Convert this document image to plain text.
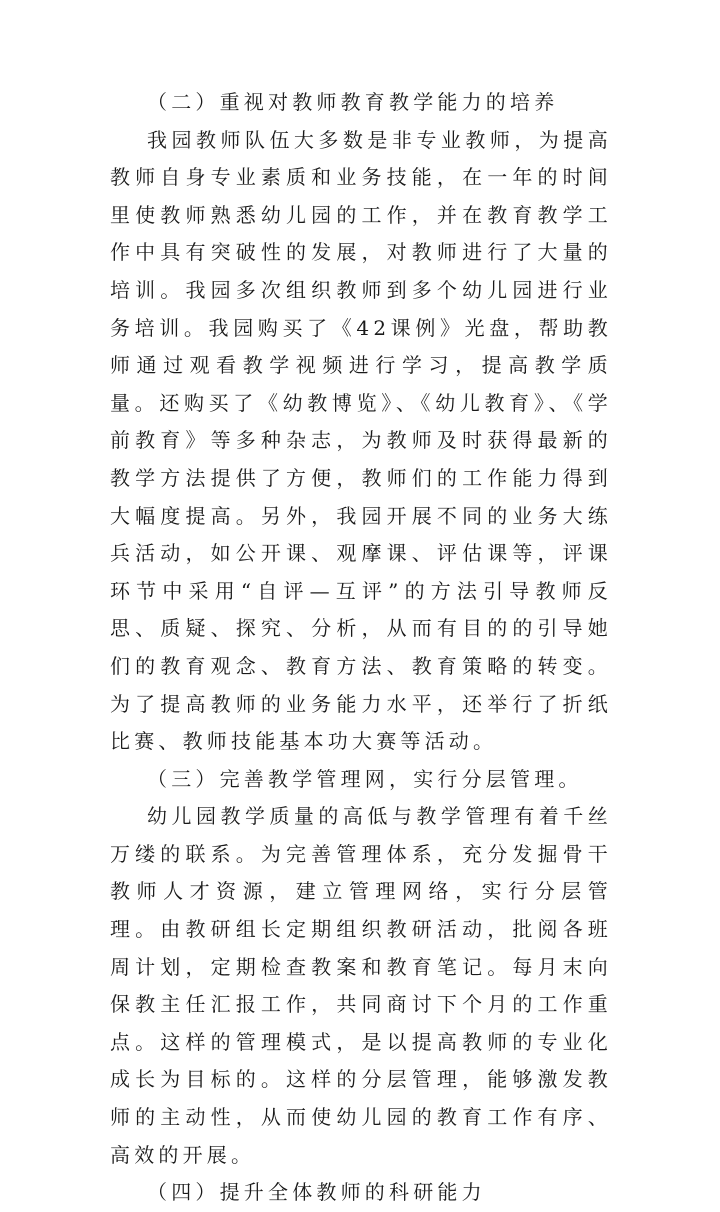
（二）重视对教师教育教学能力的培养

我园教师队伍大多数是非专业教师，为提高教师自身专业素质和业务技能，在一年的时间里使教师熟悉幼儿园的工作，并在教育教学工作中具有突破性的发展，对教师进行了大量的培训。我园多次组织教师到多个幼儿园进行业务培训。我园购买了《42课例》光盘，帮助教师通过观看教学视频进行学习，提高教学质量。还购买了《幼教博览》、《幼儿教育》、《学前教育》等多种杂志，为教师及时获得最新的教学方法提供了方便，教师们的工作能力得到大幅度提高。另外，我园开展不同的业务大练兵活动，如公开课、观摩课、评估课等，评课环节中采用“自评—互评”的方法引导教师反思、质疑、探究、分析，从而有目的的引导她们的教育观念、教育方法、教育策略的转变。为了提高教师的业务能力水平，还举行了折纸比赛、教师技能基本功大赛等活动。

（三）完善教学管理网，实行分层管理。

幼儿园教学质量的高低与教学管理有着千丝万缕的联系。为完善管理体系，充分发掘骨干教师人才资源，建立管理网络，实行分层管理。由教研组长定期组织教研活动，批阅各班周计划，定期检查教案和教育笔记。每月末向保教主任汇报工作，共同商讨下个月的工作重点。这样的管理模式，是以提高教师的专业化成长为目标的。这样的分层管理，能够激发教师的主动性，从而使幼儿园的教育工作有序、高效的开展。

（四）提升全体教师的科研能力
